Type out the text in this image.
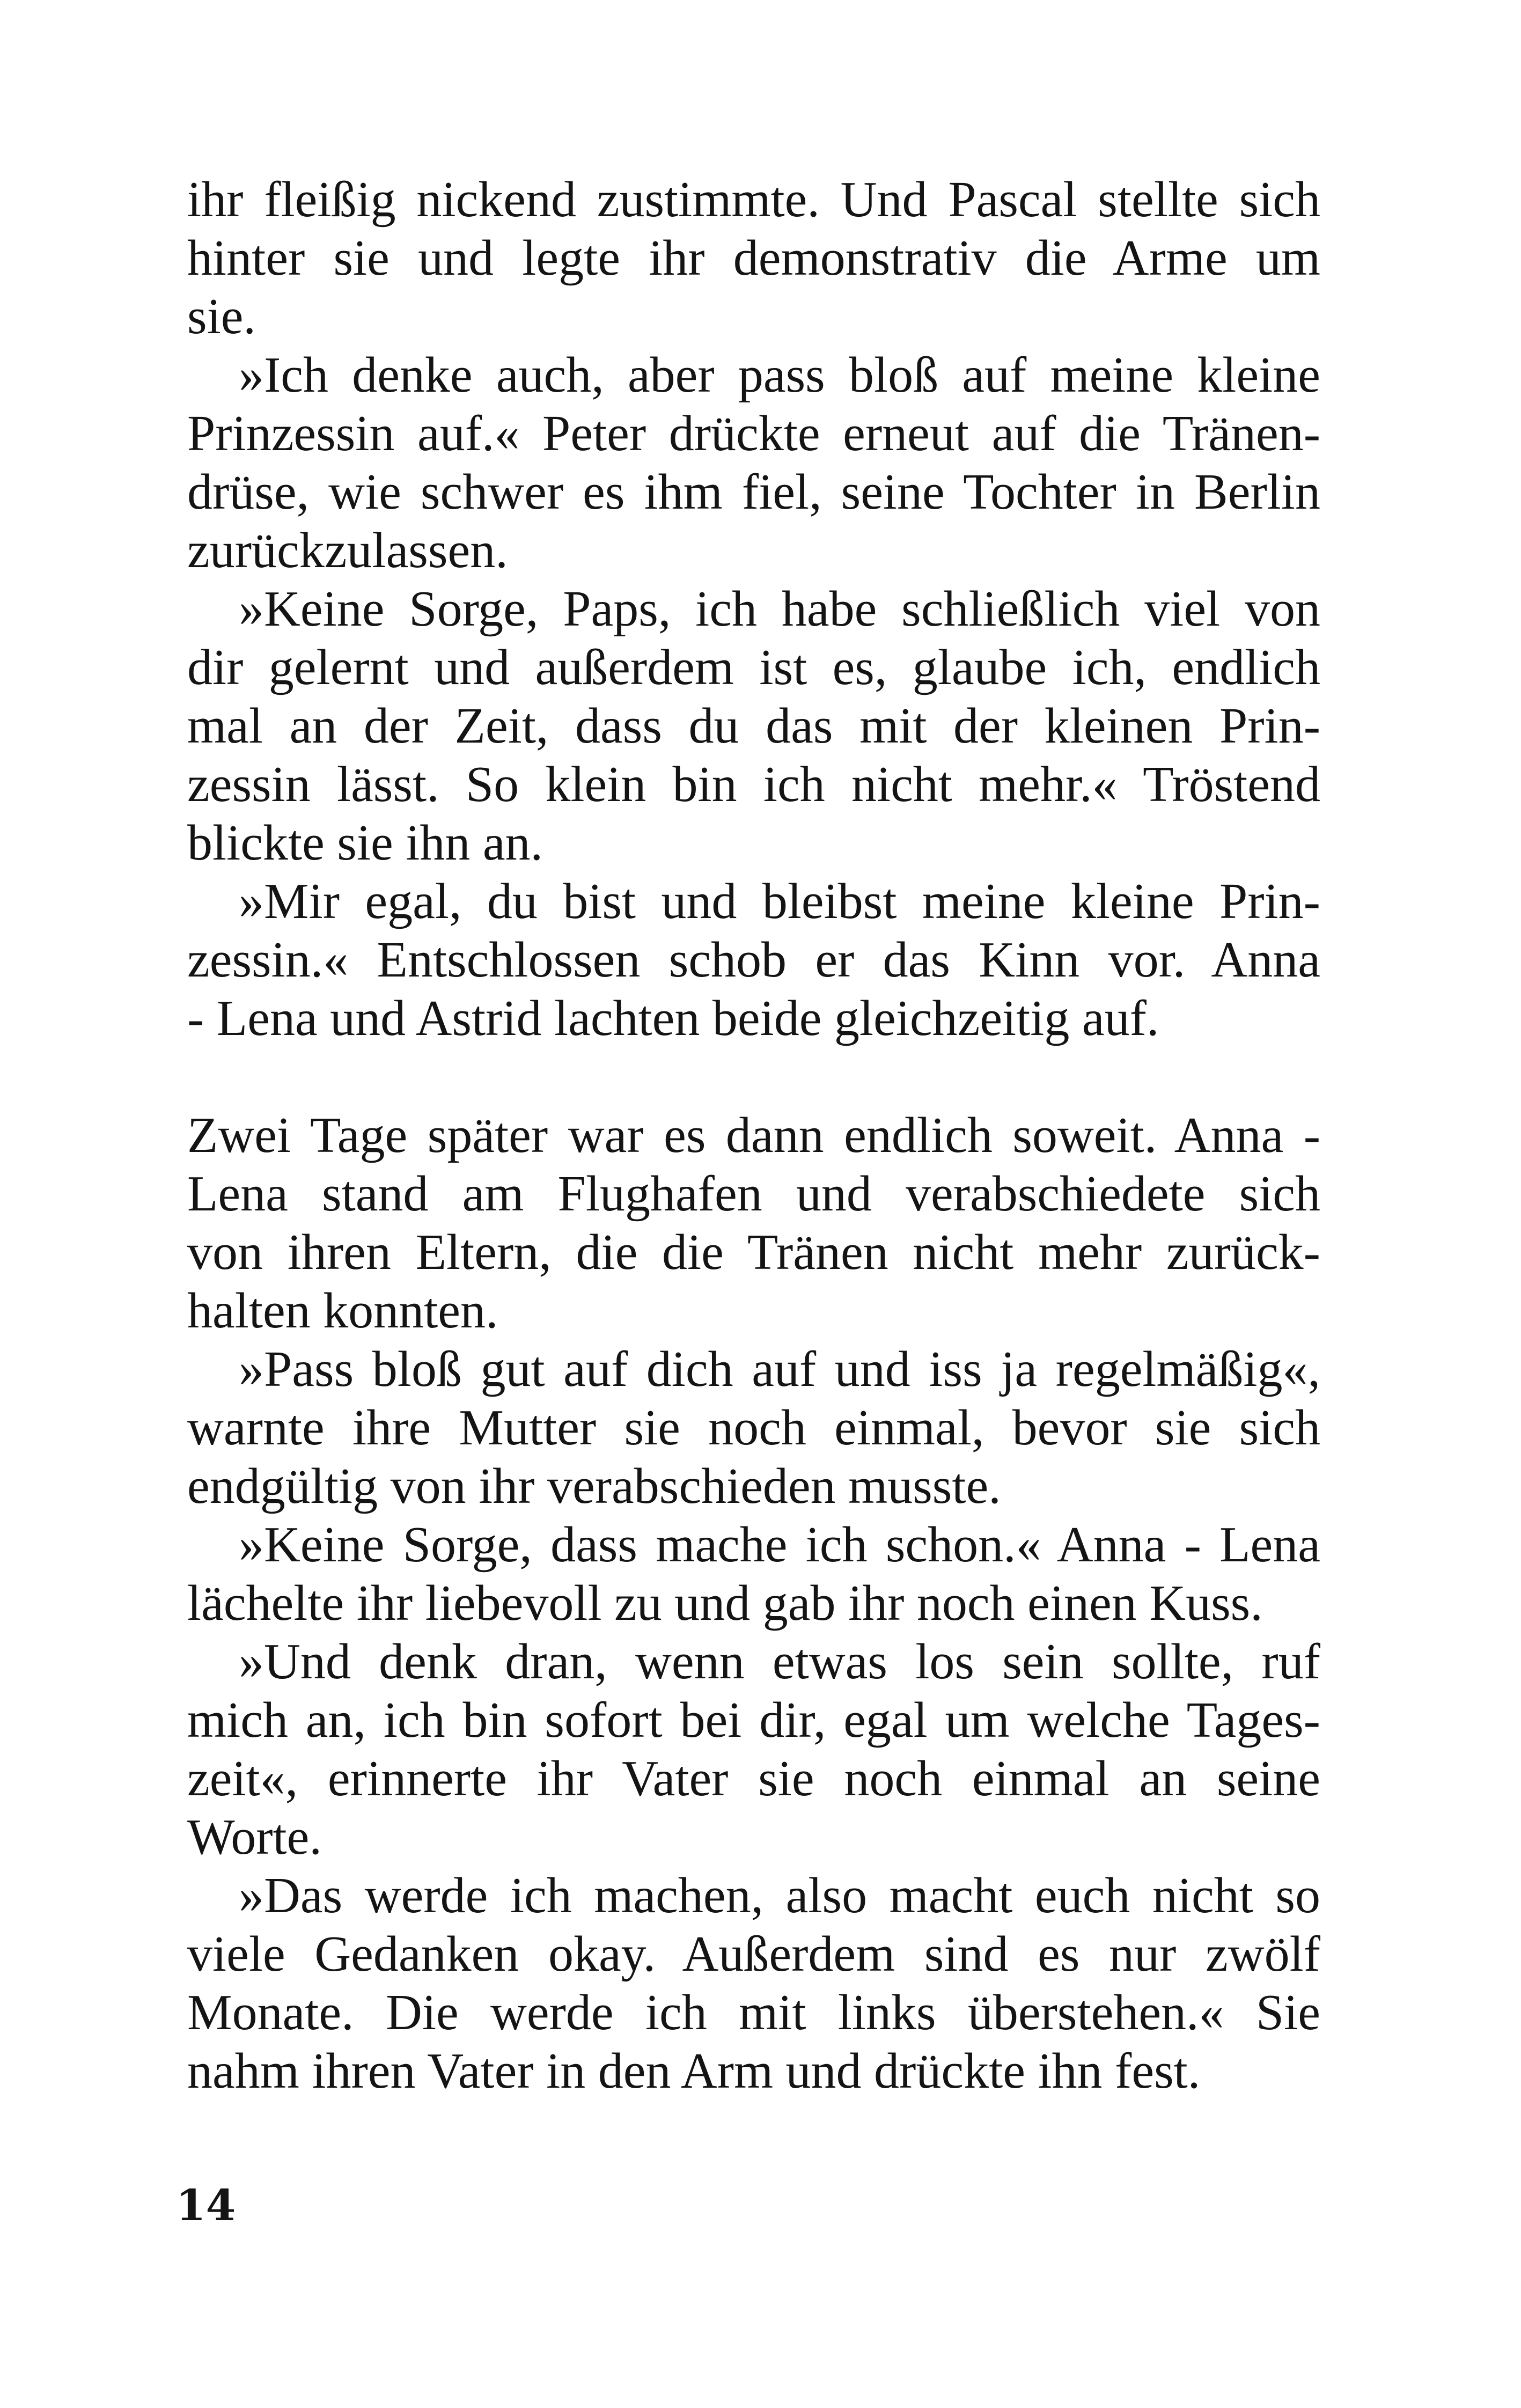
ihr fleißig nickend zustimmte. Und Pascal stellte sich
hinter sie und legte ihr demonstrativ die Arme um
sie.
»Ich denke auch, aber pass bloß auf meine kleine
Prinzessin auf.« Peter drückte erneut auf die Tränen-
drüse, wie schwer es ihm fiel, seine Tochter in Berlin
zurückzulassen.
»Keine Sorge, Paps, ich habe schließlich viel von
dir gelernt und außerdem ist es, glaube ich, endlich
mal an der Zeit, dass du das mit der kleinen Prin-
zessin lässt. So klein bin ich nicht mehr.« Tröstend
blickte sie ihn an.
»Mir egal, du bist und bleibst meine kleine Prin-
zessin.« Entschlossen schob er das Kinn vor. Anna
- Lena und Astrid lachten beide gleichzeitig auf.
Zwei Tage später war es dann endlich soweit. Anna -
Lena stand am Flughafen und verabschiedete sich
von ihren Eltern, die die Tränen nicht mehr zurück-
halten konnten.
»Pass bloß gut auf dich auf und iss ja regelmäßig«,
warnte ihre Mutter sie noch einmal, bevor sie sich
endgültig von ihr verabschieden musste.
»Keine Sorge, dass mache ich schon.« Anna - Lena
lächelte ihr liebevoll zu und gab ihr noch einen Kuss.
»Und denk dran, wenn etwas los sein sollte, ruf
mich an, ich bin sofort bei dir, egal um welche Tages-
zeit«, erinnerte ihr Vater sie noch einmal an seine
Worte.
»Das werde ich machen, also macht euch nicht so
viele Gedanken okay. Außerdem sind es nur zwölf
Monate. Die werde ich mit links überstehen.« Sie
nahm ihren Vater in den Arm und drückte ihn fest.
14
